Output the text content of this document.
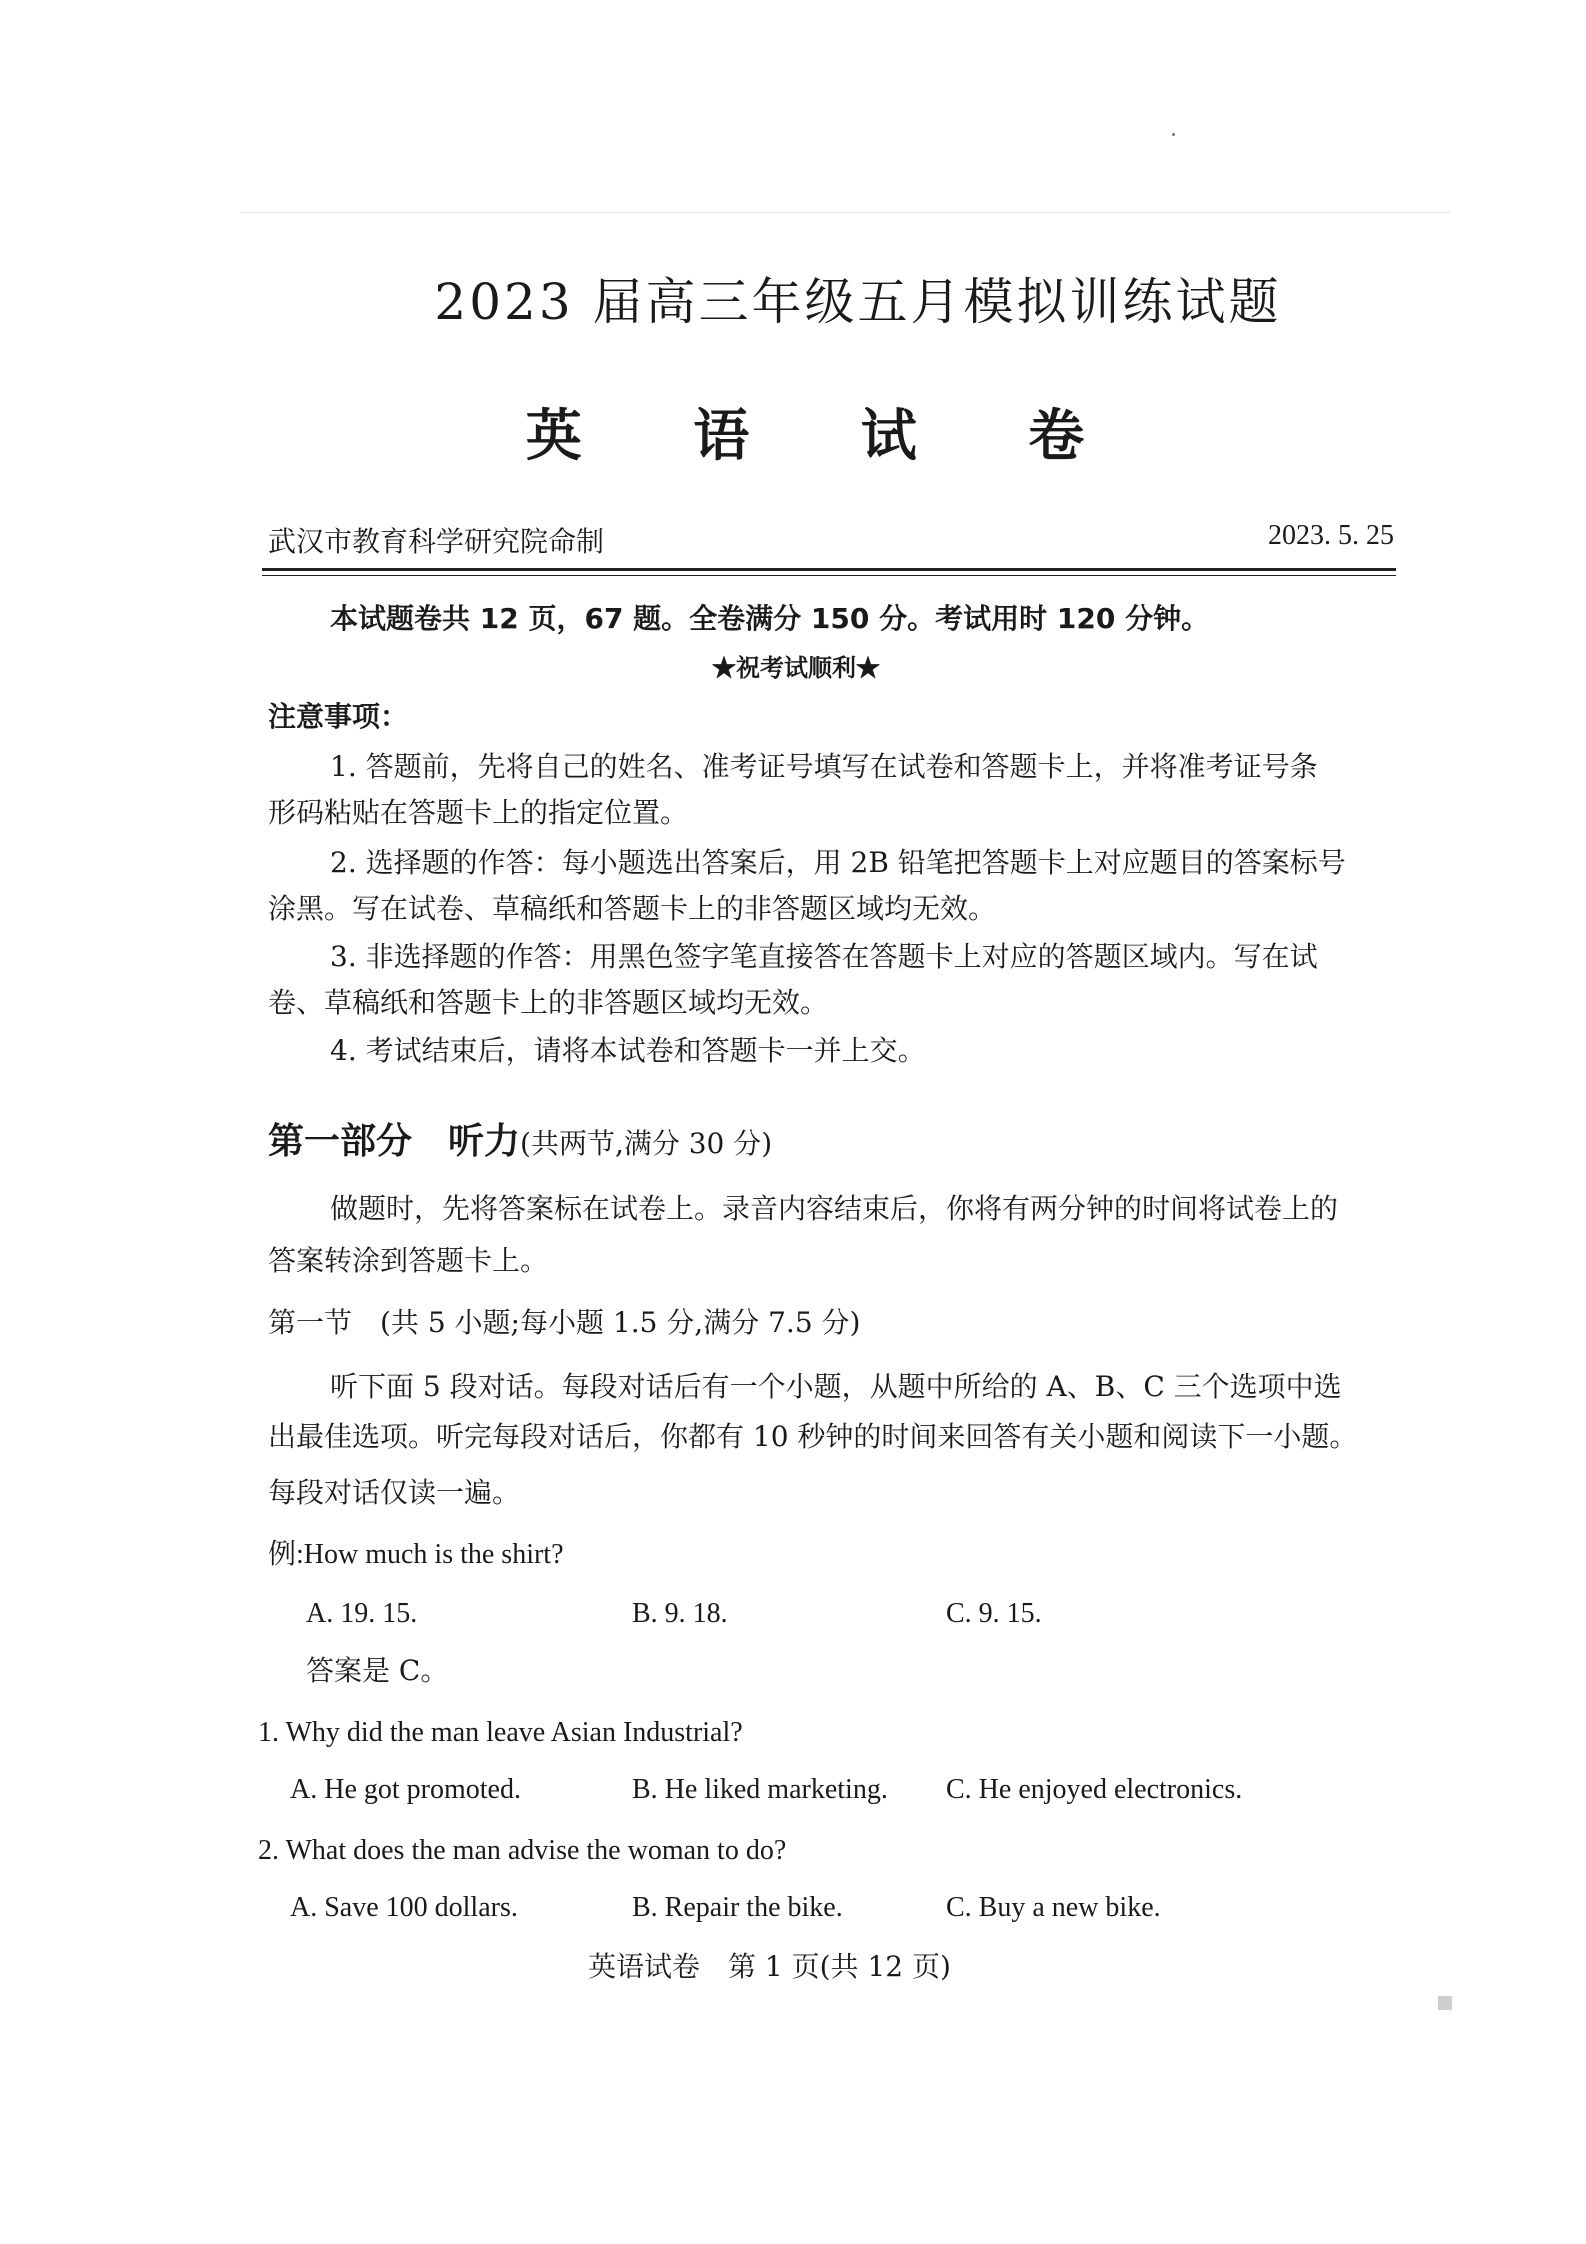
2023 届高三年级五月模拟训练试题
英 语 试 卷
武汉市教育科学研究院命制	2023. 5. 25

本试题卷共 12 页，67 题。全卷满分 150 分。考试用时 120 分钟。

★祝考试顺利★

注意事项：

1. 答题前，先将自己的姓名、准考证号填写在试卷和答题卡上，并将准考证号条

形码粘贴在答题卡上的指定位置。

2. 选择题的作答：每小题选出答案后，用 2B 铅笔把答题卡上对应题目的答案标号

涂黑。写在试卷、草稿纸和答题卡上的非答题区域均无效。

3. 非选择题的作答：用黑色签字笔直接答在答题卡上对应的答题区域内。写在试

卷、草稿纸和答题卡上的非答题区域均无效。

4. 考试结束后，请将本试卷和答题卡一并上交。

第一部分　听力(共两节,满分 30 分)

做题时，先将答案标在试卷上。录音内容结束后，你将有两分钟的时间将试卷上的

答案转涂到答题卡上。

第一节　(共 5 小题;每小题 1.5 分,满分 7.5 分)

听下面 5 段对话。每段对话后有一个小题，从题中所给的 A、B、C 三个选项中选

出最佳选项。听完每段对话后，你都有 10 秒钟的时间来回答有关小题和阅读下一小题。

每段对话仅读一遍。

例:How much is the shirt?

A. 19. 15.	B. 9. 18.	C. 9. 15.

答案是 C。

1. Why did the man leave Asian Industrial?

A. He got promoted.	B. He liked marketing. C. He enjoyed electronics.

2. What does the man advise the woman to do?

A. Save 100 dollars.	B. Repair the bike.	C. Buy a new bike.

英语试卷　第 1 页(共 12 页)
